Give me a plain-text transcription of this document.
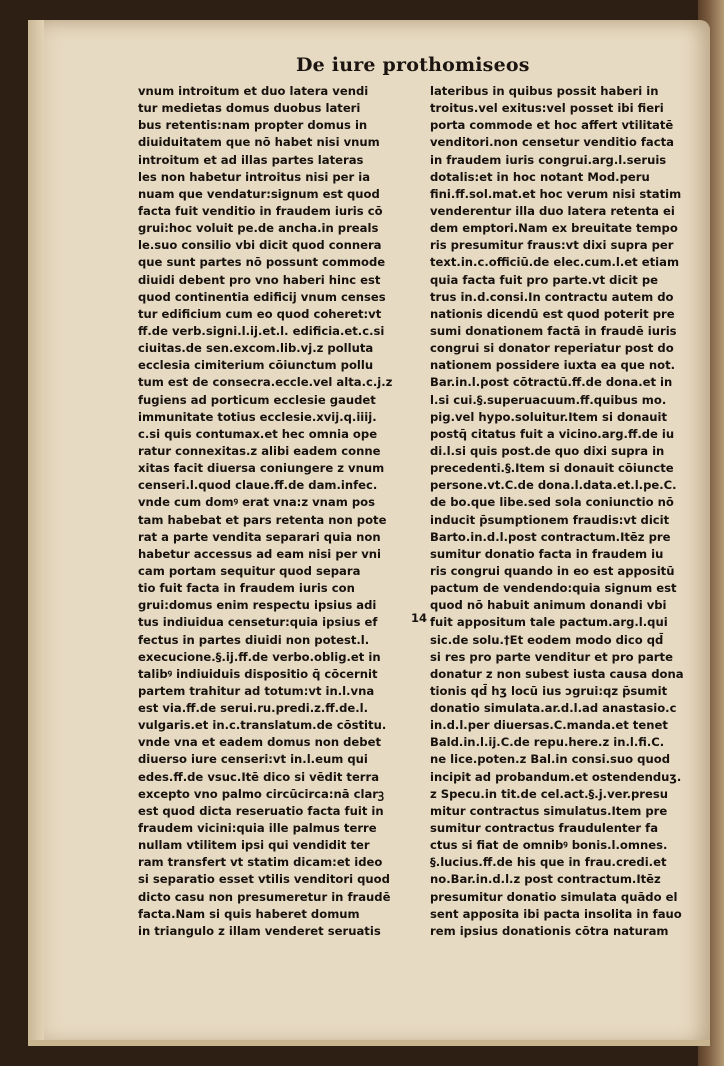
De iure prothomiseos
vnum introitum et duo latera vendi
tur medietas domus duobus lateri
bus retentis:nam propter domus in
diuiduitatem que nō habet nisi vnum
introitum et ad illas partes lateras
les non habetur introitus nisi per ia
nuam que vendatur:signum est quod
facta fuit venditio in fraudem iuris cō
grui:hoc voluit pe.de ancha.in preals
le.suo consilio vbi dicit quod connera
que sunt partes nō possunt commode
diuidi debent pro vno haberi hinc est
quod continentia edificij vnum censes
tur edificium cum eo quod coheret:vt
ff.de verb.signi.l.ij.et.l. edificia.et.c.si
ciuitas.de sen.excom.lib.vj.z polluta
ecclesia cimiterium cōiunctum pollu
tum est de consecra.eccle.vel alta.c.j.z
fugiens ad porticum ecclesie gaudet
immunitate totius ecclesie.xvij.q.iiij.
c.si quis contumax.et hec omnia ope
ratur connexitas.z alibi eadem conne
xitas facit diuersa coniungere z vnum
censeri.l.quod claue.ff.de dam.infec.
vnde cum domꝰ erat vna:z vnam pos
tam habebat et pars retenta non pote
rat a parte vendita separari quia non
habetur accessus ad eam nisi per vni
cam portam sequitur quod separa
tio fuit facta in fraudem iuris con
grui:domus enim respectu ipsius adi
tus indiuidua censetur:quia ipsius ef
fectus in partes diuidi non potest.l.
execucione.§.ij.ff.de verbo.oblig.et in
talibꝰ indiuiduis dispositio q̄ cōcernit
partem trahitur ad totum:vt in.l.vna
est via.ff.de serui.ru.predi.z.ff.de.l.
vulgaris.et in.c.translatum.de cōstitu.
vnde vna et eadem domus non debet
diuerso iure censeri:vt in.l.eum qui
edes.ff.de vsuc.Itē dico si vēdit terra
excepto vno palmo circūcirca:nā clarꝫ
est quod dicta reseruatio facta fuit in
fraudem vicini:quia ille palmus terre
nullam vtilitem ipsi qui vendidit ter
ram transfert vt statim dicam:et ideo
si separatio esset vtilis venditori quod
dicto casu non presumeretur in fraudē
facta.Nam si quis haberet domum
in triangulo z illam venderet seruatis
lateribus in quibus possit haberi in
troitus.vel exitus:vel posset ibi fieri
porta commode et hoc affert vtilitatē
venditori.non censetur venditio facta
in fraudem iuris congrui.arg.l.seruis
dotalis:et in hoc notant Mod.peru
fini.ff.sol.mat.et hoc verum nisi statim
venderentur illa duo latera retenta ei
dem emptori.Nam ex breuitate tempo
ris presumitur fraus:vt dixi supra per
text.in.c.officiū.de elec.cum.l.et etiam
quia facta fuit pro parte.vt dicit pe
trus in.d.consi.In contractu autem do
nationis dicendū est quod poterit pre
sumi donationem factā in fraudē iuris
congrui si donator reperiatur post do
nationem possidere iuxta ea que not.
Bar.in.l.post cōtractū.ff.de dona.et in
l.si cui.§.superuacuum.ff.quibus mo.
pig.vel hypo.soluitur.Item si donauit
postq̄ citatus fuit a vicino.arg.ff.de iu
di.l.si quis post.de quo dixi supra in
precedenti.§.Item si donauit cōiuncte
persone.vt.C.de dona.l.data.et.l.pe.C.
de bo.que libe.sed sola coniunctio nō
inducit p̄sumptionem fraudis:vt dicit
Barto.in.d.l.post contractum.Itēz pre
sumitur donatio facta in fraudem iu
ris congrui quando in eo est appositū
pactum de vendendo:quia signum est
quod nō habuit animum donandi vbi
fuit appositum tale pactum.arg.l.qui
sic.de solu.†Et eodem modo dico qd̄
si res pro parte venditur et pro parte
donatur z non subest iusta causa dona
tionis qd̄ hʒ locū ius ɔgrui:qz p̄sumit
donatio simulata.ar.d.l.ad anastasio.c
in.d.l.per diuersas.C.manda.et tenet
Bald.in.l.ij.C.de repu.here.z in.l.fi.C.
ne lice.poten.z Bal.in consi.suo quod
incipit ad probandum.et ostendenduʒ.
z Specu.in tit.de cel.act.§.j.ver.presu
mitur contractus simulatus.Item pre
sumitur contractus fraudulenter fa
ctus si fiat de omnibꝰ bonis.l.omnes.
§.lucius.ff.de his que in frau.credi.et
no.Bar.in.d.l.z post contractum.Itēz
presumitur donatio simulata quādo el
sent apposita ibi pacta insolita in fauo
rem ipsius donationis cōtra naturam
14
